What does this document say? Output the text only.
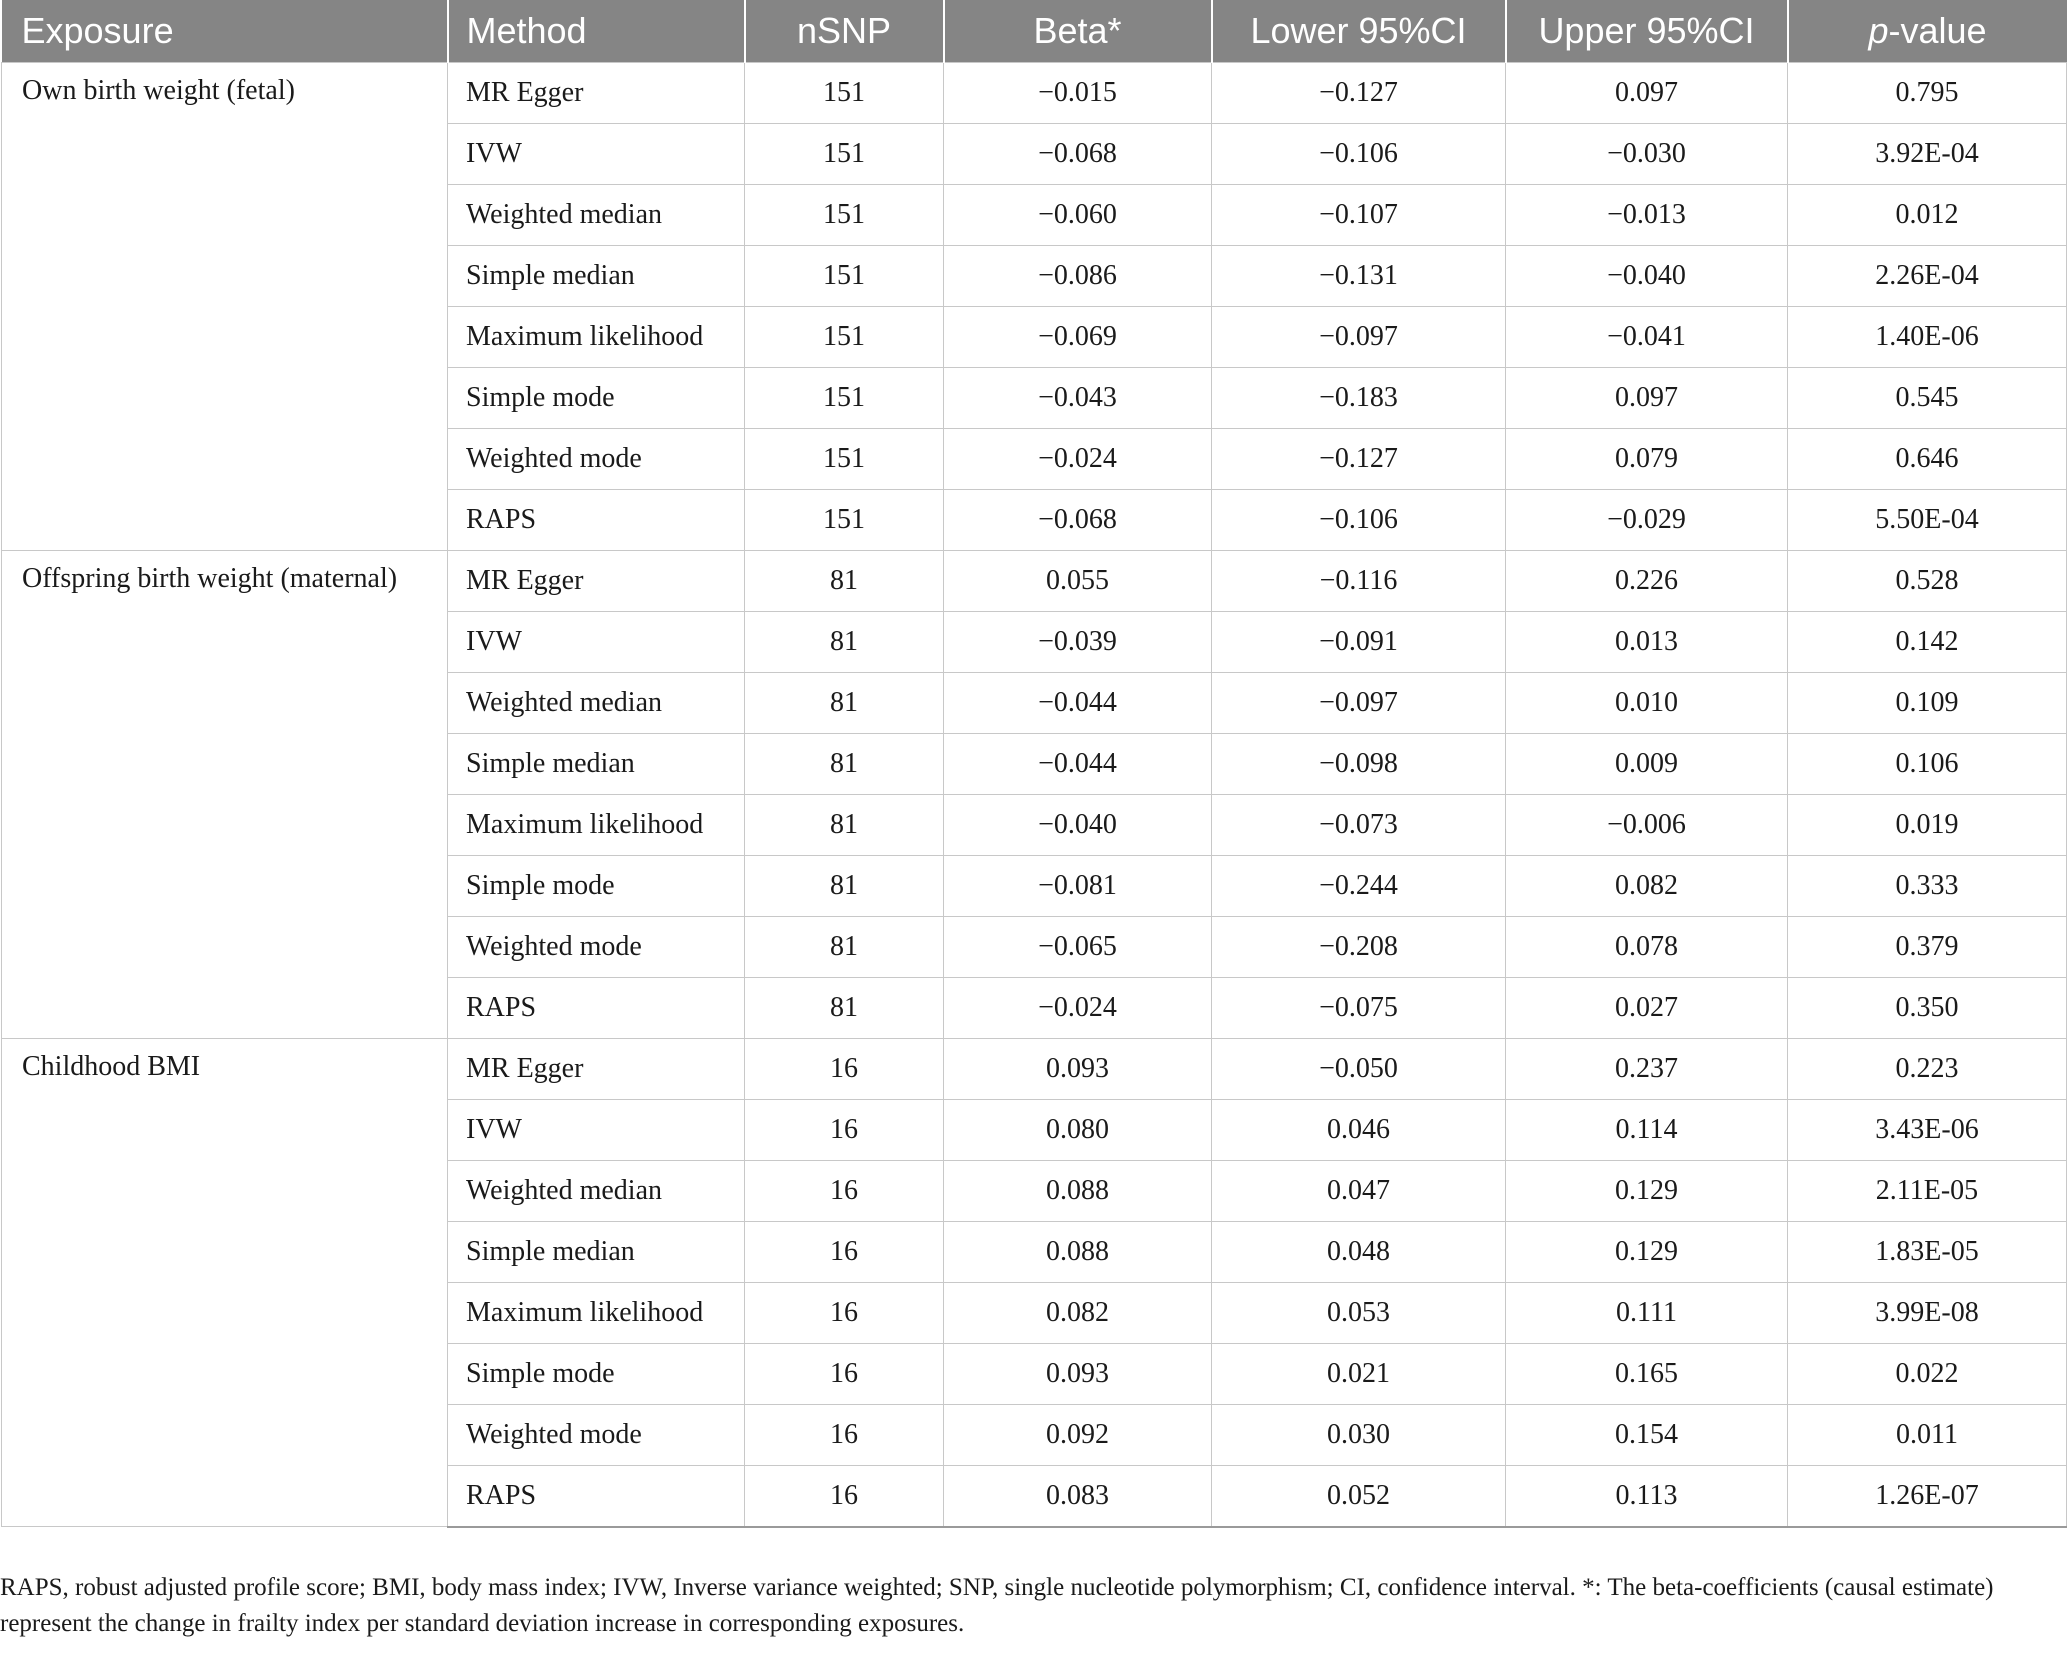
Exposure	Method	nSNP	Beta*	Lower 95%CI	Upper 95%CI	p-value
Own birth weight (fetal)	MR Egger	151	−0.015	−0.127	0.097	0.795
	IVW	151	−0.068	−0.106	−0.030	3.92E-04
	Weighted median	151	−0.060	−0.107	−0.013	0.012
	Simple median	151	−0.086	−0.131	−0.040	2.26E-04
	Maximum likelihood	151	−0.069	−0.097	−0.041	1.40E-06
	Simple mode	151	−0.043	−0.183	0.097	0.545
	Weighted mode	151	−0.024	−0.127	0.079	0.646
	RAPS	151	−0.068	−0.106	−0.029	5.50E-04
Offspring birth weight (maternal)	MR Egger	81	0.055	−0.116	0.226	0.528
	IVW	81	−0.039	−0.091	0.013	0.142
	Weighted median	81	−0.044	−0.097	0.010	0.109
	Simple median	81	−0.044	−0.098	0.009	0.106
	Maximum likelihood	81	−0.040	−0.073	−0.006	0.019
	Simple mode	81	−0.081	−0.244	0.082	0.333
	Weighted mode	81	−0.065	−0.208	0.078	0.379
	RAPS	81	−0.024	−0.075	0.027	0.350
Childhood BMI	MR Egger	16	0.093	−0.050	0.237	0.223
	IVW	16	0.080	0.046	0.114	3.43E-06
	Weighted median	16	0.088	0.047	0.129	2.11E-05
	Simple median	16	0.088	0.048	0.129	1.83E-05
	Maximum likelihood	16	0.082	0.053	0.111	3.99E-08
	Simple mode	16	0.093	0.021	0.165	0.022
	Weighted mode	16	0.092	0.030	0.154	0.011
	RAPS	16	0.083	0.052	0.113	1.26E-07
RAPS, robust adjusted profile score; BMI, body mass index; IVW, Inverse variance weighted; SNP, single nucleotide polymorphism; CI, confidence interval. *: The beta-coefficients (causal estimate) represent the change in frailty index per standard deviation increase in corresponding exposures.
